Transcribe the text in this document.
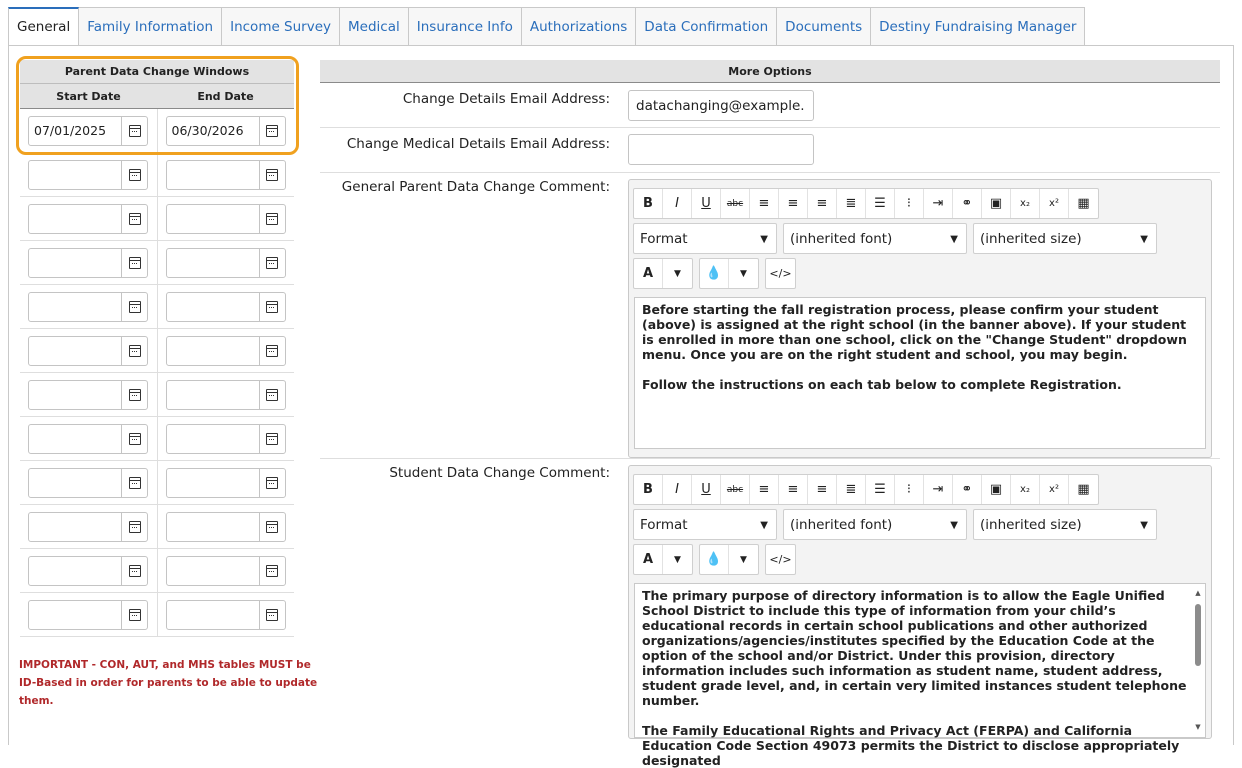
General	Family Information	Income Survey	Medical	Insurance Info	Authorizations	Data Confirmation	Documents	Destiny Fundraising Manager
Parent Data Change Windows
Start Date	End Date
07/01/2025	06/30/2026
IMPORTANT - CON, AUT, and MHS tables MUST be ID-Based in order for parents to be able to update them.
More Options
Change Details Email Address:	datachanging@example.
Change Medical Details Email Address:
General Parent Data Change Comment:
B	I	U	abc	≡	≡	≡	≣	☰	⁝	⇥	⚭	▣	x₂	x²	▦
Format	▼ (inherited font)	▼ (inherited size)	▼
A	▼	💧	▼	</>

Before starting the fall registration process, please confirm your student (above) is assigned at the right school (in the banner above). If your student is enrolled in more than one school, click on the "Change Student" dropdown menu. Once you are on the right student and school, you may begin.

Follow the instructions on each tab below to complete Registration.

Student Data Change Comment:
B	I	U	abc	≡	≡	≡	≣	☰	⁝	⇥	⚭	▣	x₂	x²	▦
Format	▼ (inherited font)	▼ (inherited size)	▼
A	▼	💧	▼	</>

The primary purpose of directory information is to allow the Eagle Unified School District to include this type of information from your child’s educational records in certain school publications and other authorized organizations/agencies/institutes specified by the Education Code at the option of the school and/or District. Under this provision, directory information includes such information as student name, student address, student grade level, and, in certain very limited instances student telephone number.

The Family Educational Rights and Privacy Act (FERPA) and California Education Code Section 49073 permits the District to disclose appropriately designated

▲
▼
